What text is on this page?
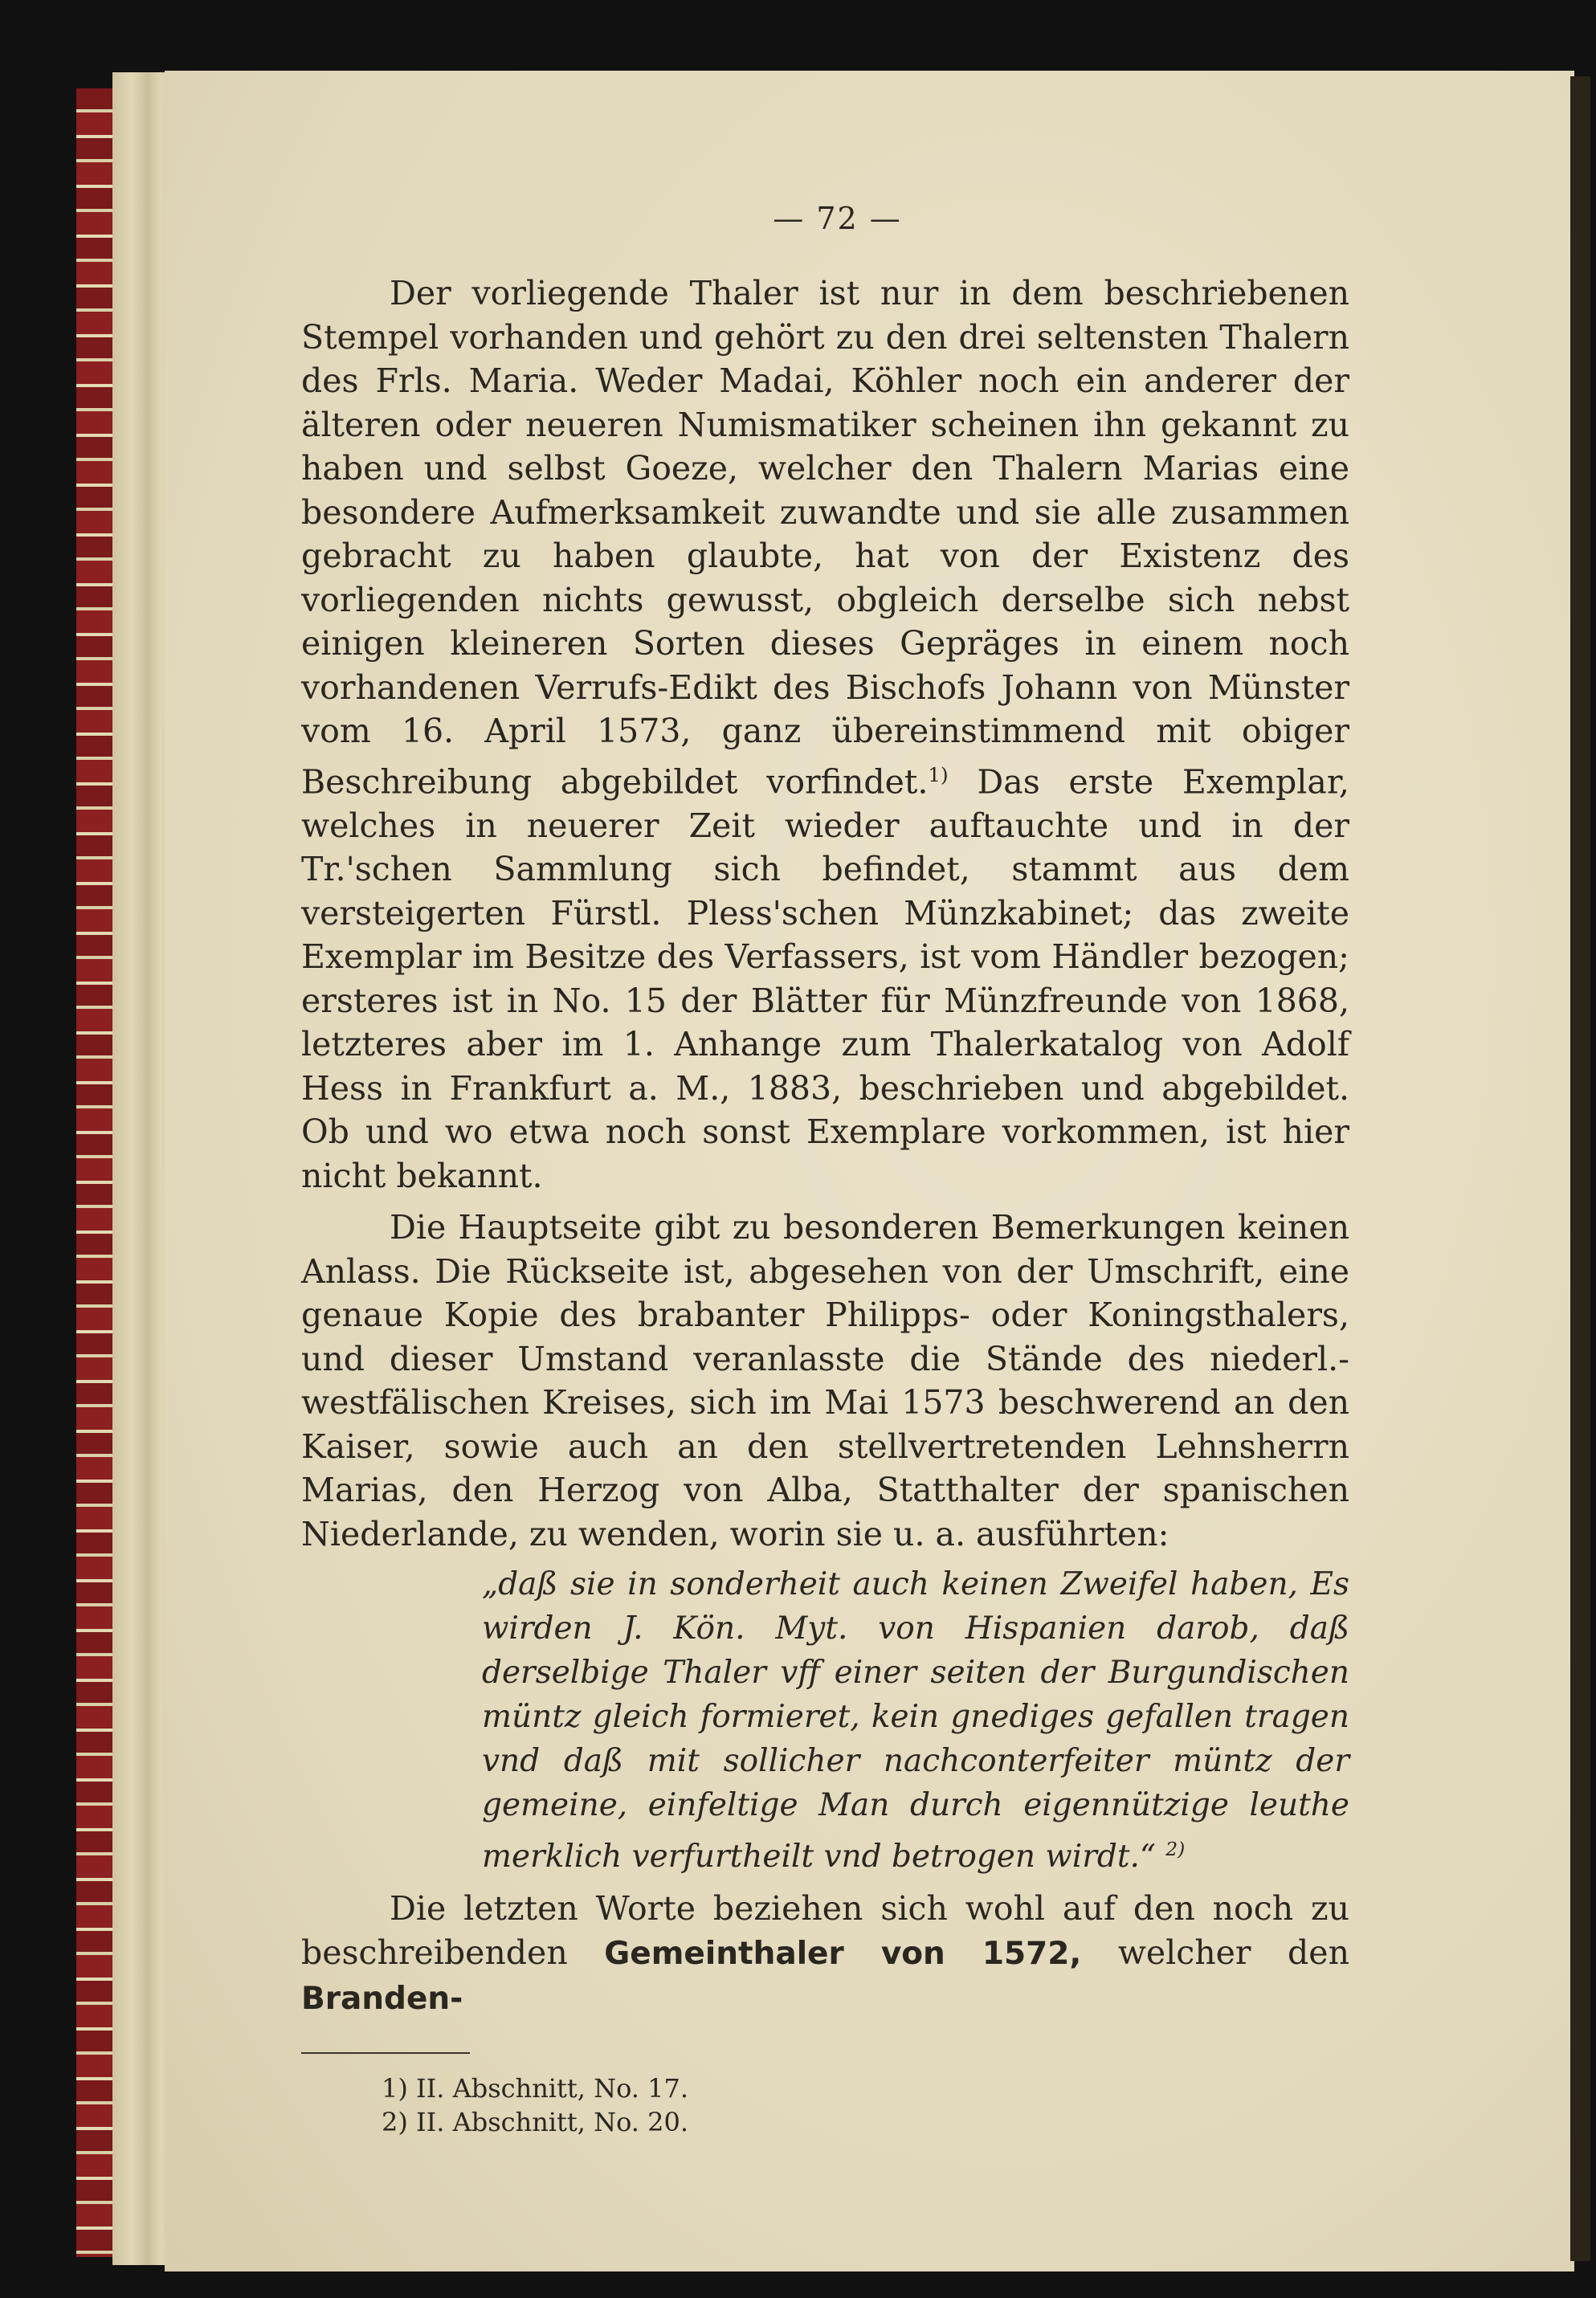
— 72 —

Der vorliegende Thaler ist nur in dem beschriebenen Stempel vorhanden und gehört zu den drei seltensten Thalern des Frls. Maria. Weder Madai, Köhler noch ein anderer der älteren oder neueren Numismatiker scheinen ihn gekannt zu haben und selbst Goeze, welcher den Thalern Marias eine besondere Aufmerksamkeit zuwandte und sie alle zusammen gebracht zu haben glaubte, hat von der Existenz des vorliegenden nichts gewusst, obgleich derselbe sich nebst einigen kleineren Sorten dieses Gepräges in einem noch vorhandenen Verrufs-Edikt des Bischofs Johann von Münster vom 16. April 1573, ganz übereinstimmend mit obiger Beschreibung abgebildet vorfindet.$^{1)}$ Das erste Exemplar, welches in neuerer Zeit wieder auftauchte und in der Tr.'schen Sammlung sich befindet, stammt aus dem versteigerten Fürstl. Pless'schen Münzkabinet; das zweite Exemplar im Besitze des Verfassers, ist vom Händler bezogen; ersteres ist in No. 15 der Blätter für Münzfreunde von 1868, letzteres aber im 1. Anhange zum Thalerkatalog von Adolf Hess in Frankfurt a. M., 1883, beschrieben und abgebildet. Ob und wo etwa noch sonst Exemplare vorkommen, ist hier nicht bekannt.

Die Hauptseite gibt zu besonderen Bemerkungen keinen Anlass. Die Rückseite ist, abgesehen von der Umschrift, eine genaue Kopie des brabanter Philipps- oder Koningsthalers, und dieser Umstand veranlasste die Stände des niederl.-westfälischen Kreises, sich im Mai 1573 beschwerend an den Kaiser, sowie auch an den stellvertretenden Lehnsherrn Marias, den Herzog von Alba, Statthalter der spanischen Niederlande, zu wenden, worin sie u. a. ausführten:

„daß sie in sonderheit auch keinen Zweifel haben, Es wirden J. Kön. Myt. von Hispanien darob, daß derselbige Thaler vff einer seiten der Burgundischen müntz gleich formieret, kein gnediges gefallen tragen vnd daß mit sollicher nachconterfeiter müntz der gemeine, einfeltige Man durch eigennützige leuthe merklich verfurtheilt vnd betrogen wirdt.“ $^{2)}$

Die letzten Worte beziehen sich wohl auf den noch zu beschreibenden Gemeinthaler von 1572, welcher den Branden-

1) II. Abschnitt, No. 17.

2) II. Abschnitt, No. 20.
